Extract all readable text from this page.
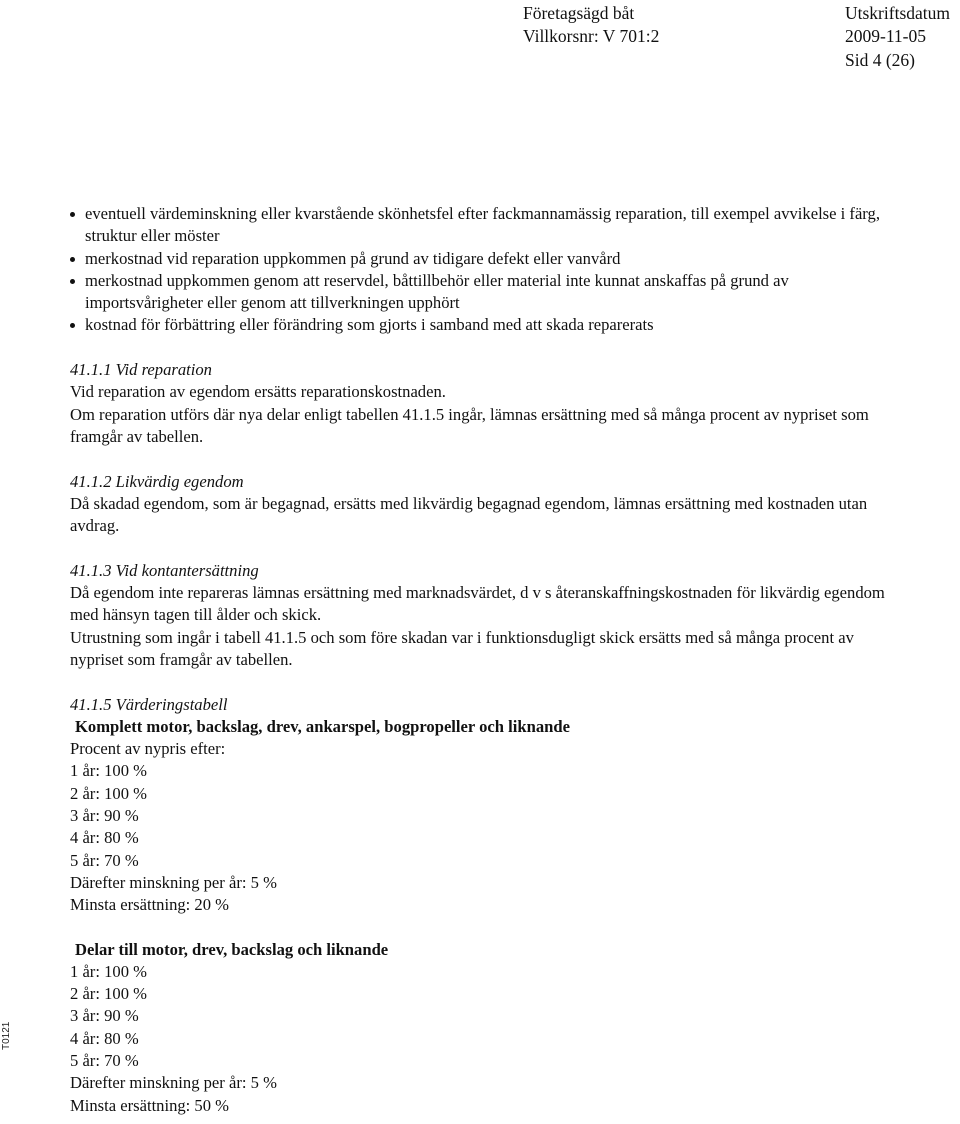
Företagsägd båt
Villkorsnr: V 701:2
Utskriftsdatum
2009-11-05
Sid 4 (26)
eventuell värdeminskning eller kvarstående skönhetsfel efter fackmannamässig reparation, till exempel avvikelse i färg, struktur eller möster
merkostnad vid reparation uppkommen på grund av tidigare defekt eller vanvård
merkostnad uppkommen genom att reservdel, båttillbehör eller material inte kunnat anskaffas på grund av importsvårigheter eller genom att tillverkningen upphört
kostnad för förbättring eller förändring som gjorts i samband med att skada reparerats
41.1.1 Vid reparation

Vid reparation av egendom ersätts reparationskostnaden.

Om reparation utförs där nya delar enligt tabellen 41.1.5 ingår, lämnas ersättning med så många procent av nypriset som framgår av tabellen.

41.1.2 Likvärdig egendom

Då skadad egendom, som är begagnad, ersätts med likvärdig begagnad egendom, lämnas ersättning med kostnaden utan avdrag.

41.1.3 Vid kontantersättning

Då egendom inte repareras lämnas ersättning med marknadsvärdet, d v s återanskaffningskostnaden för likvärdig egendom med hänsyn tagen till ålder och skick.

Utrustning som ingår i tabell 41.1.5 och som före skadan var i funktionsdugligt skick ersätts med så många procent av nypriset som framgår av tabellen.

41.1.5 Värderingstabell
Komplett motor, backslag, drev, ankarspel, bogpropeller och liknande
Procent av nypris efter:
1 år: 100 %
2 år: 100 %
3 år: 90 %
4 år: 80 %
5 år: 70 %
Därefter minskning per år: 5 %
Minsta ersättning: 20 %
Delar till motor, drev, backslag och liknande
1 år: 100 %
2 år: 100 %
3 år: 90 %
4 år: 80 %
5 år: 70 %
Därefter minskning per år: 5 %
Minsta ersättning: 50 %
T0121
